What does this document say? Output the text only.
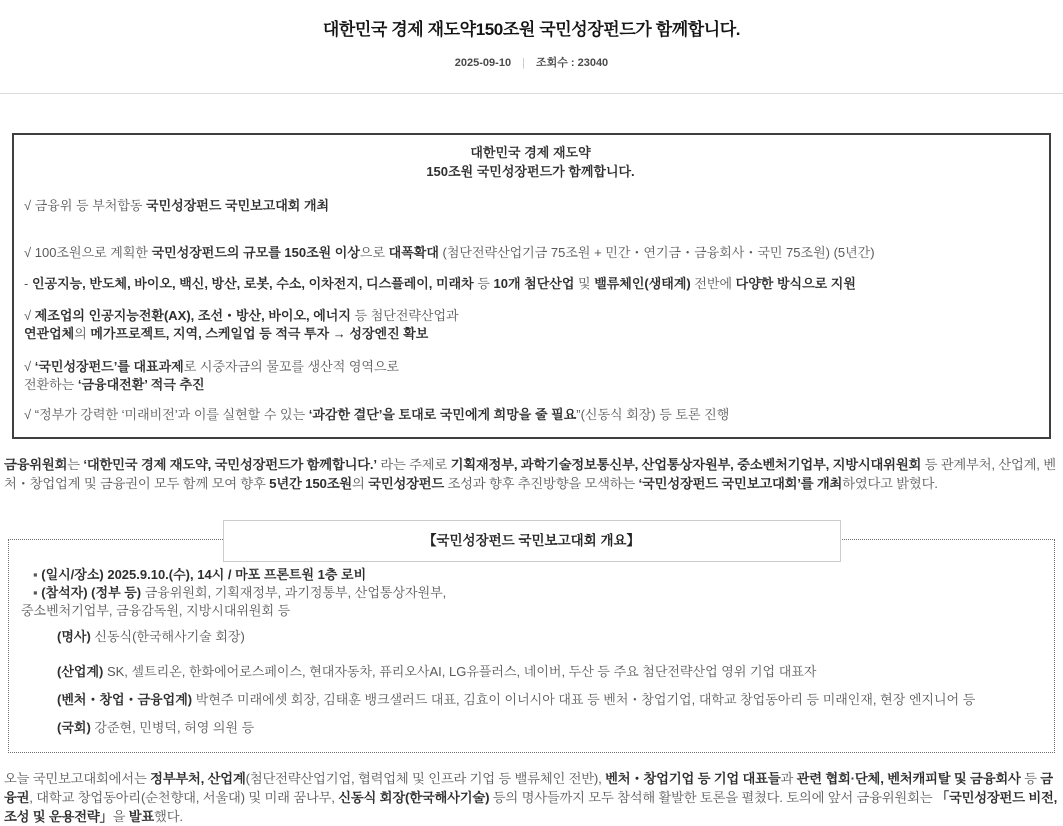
대한민국 경제 재도약150조원 국민성장펀드가 함께합니다.
2025-09-10 | 조회수 : 23040
대한민국 경제 재도약
150조원 국민성장펀드가 함께합니다.
√ 금융위 등 부처합동 국민성장펀드 국민보고대회 개최
√ 100조원으로 계획한 국민성장펀드의 규모를 150조원 이상으로 대폭확대 (첨단전략산업기금 75조원 + 민간・연기금・금융회사・국민 75조원) (5년간)
- 인공지능, 반도체, 바이오, 백신, 방산, 로봇, 수소, 이차전지, 디스플레이, 미래차 등 10개 첨단산업 및 밸류체인(생태계) 전반에 다양한 방식으로 지원
√ 제조업의 인공지능전환(AX), 조선・방산, 바이오, 에너지 등 첨단전략산업과
연관업체의 메가프로젝트, 지역, 스케일업 등 적극 투자 → 성장엔진 확보
√ ‘국민성장펀드’를 대표과제로 시중자금의 물꼬를 생산적 영역으로
전환하는 ‘금융대전환’ 적극 추진
√ “정부가 강력한 ‘미래비전’과 이를 실현할 수 있는 ‘과감한 결단’을 토대로 국민에게 희망을 줄 필요”(신동식 회장) 등 토론 진행

금융위원회는 ‘대한민국 경제 재도약, 국민성장펀드가 함께합니다.’ 라는 주제로 기획재정부, 과학기술정보통신부, 산업통상자원부, 중소벤처기업부, 지방시대위원회 등 관계부처, 산업계, 벤처・창업업계 및 금융권이 모두 함께 모여 향후 5년간 150조원의 국민성장펀드 조성과 향후 추진방향을 모색하는 ‘국민성장펀드 국민보고대회’를 개최하였다고 밝혔다.

【국민성장펀드 국민보고대회 개요】
▪ (일시/장소) 2025.9.10.(수), 14시 / 마포 프론트원 1층 로비
▪ (참석자) (정부 등) 금융위원회, 기획재정부, 과기정통부, 산업통상자원부,
중소벤처기업부, 금융감독원, 지방시대위원회 등
(명사) 신동식(한국해사기술 회장)
(산업계) SK, 셀트리온, 한화에어로스페이스, 현대자동차, 퓨리오사AI, LG유플러스, 네이버, 두산 등 주요 첨단전략산업 영위 기업 대표자
(벤처・창업・금융업계) 박현주 미래에셋 회장, 김태훈 뱅크샐러드 대표, 김효이 이너시아 대표 등 벤처・창업기업, 대학교 창업동아리 등 미래인재, 현장 엔지니어 등
(국회) 강준현, 민병덕, 허영 의원 등

오늘 국민보고대회에서는 정부부처, 산업계(첨단전략산업기업, 협력업체 및 인프라 기업 등 밸류체인 전반), 벤처・창업기업 등 기업 대표들과 관련 협회·단체, 벤처캐피탈 및 금융회사 등 금융권, 대학교 창업동아리(순천향대, 서울대) 및 미래 꿈나무, 신동식 회장(한국해사기술) 등의 명사들까지 모두 참석해 활발한 토론을 펼쳤다. 토의에 앞서 금융위원회는 「국민성장펀드 비전, 조성 및 운용전략」을 발표했다.
